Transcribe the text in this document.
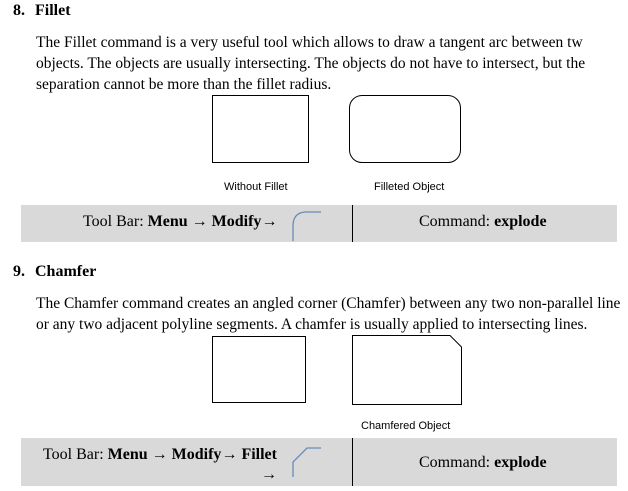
8. Fillet
The Fillet command is a very useful tool which allows to draw a tangent arc between tw
objects. The objects are usually intersecting. The objects do not have to intersect, but the
separation cannot be more than the fillet radius.
Without Fillet	Filleted Object
Tool Bar: Menu → Modify→	Command: explode
9. Chamfer
The Chamfer command creates an angled corner (Chamfer) between any two non-parallel line
or any two adjacent polyline segments. A chamfer is usually applied to intersecting lines.
Chamfered Object
Tool Bar: Menu → Modify→ Fillet
→
Command: explode
